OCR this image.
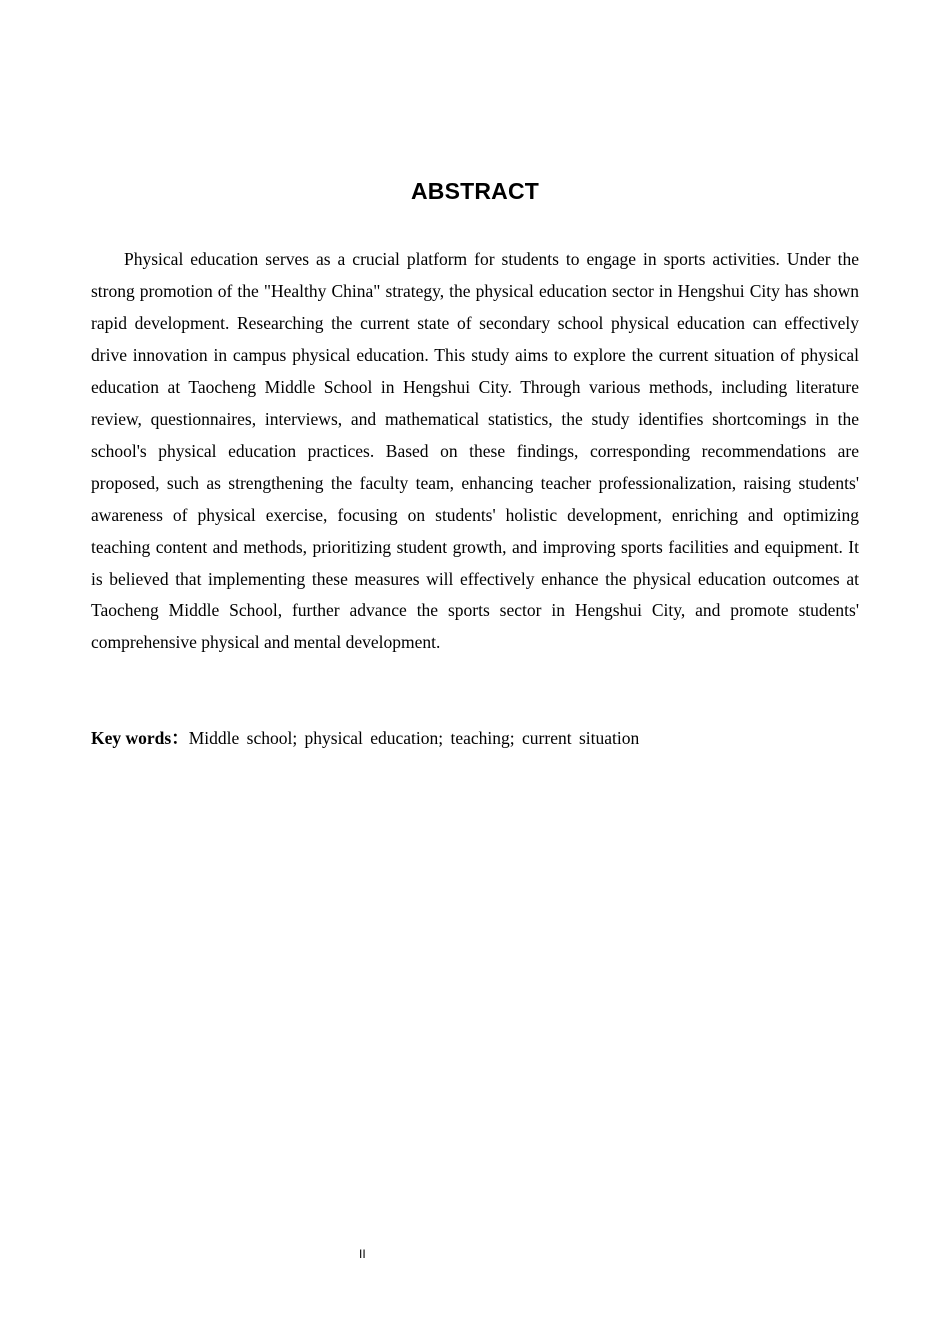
ABSTRACT

Physical education serves as a crucial platform for students to engage in sports activities. Under the strong promotion of the "Healthy China" strategy, the physical education sector in Hengshui City has shown rapid development. Researching the current state of secondary school physical education can effectively drive innovation in campus physical education. This study aims to explore the current situation of physical education at Taocheng Middle School in Hengshui City. Through various methods, including literature review, questionnaires, interviews, and mathematical statistics, the study identifies shortcomings in the school's physical education practices. Based on these findings, corresponding recommendations are proposed, such as strengthening the faculty team, enhancing teacher professionalization, raising students' awareness of physical exercise, focusing on students' holistic development, enriching and optimizing teaching content and methods, prioritizing student growth, and improving sports facilities and equipment. It is believed that implementing these measures will effectively enhance the physical education outcomes at Taocheng Middle School, further advance the sports sector in Hengshui City, and promote students' comprehensive physical and mental development.

Key words：Middle school; physical education; teaching; current situation

II
